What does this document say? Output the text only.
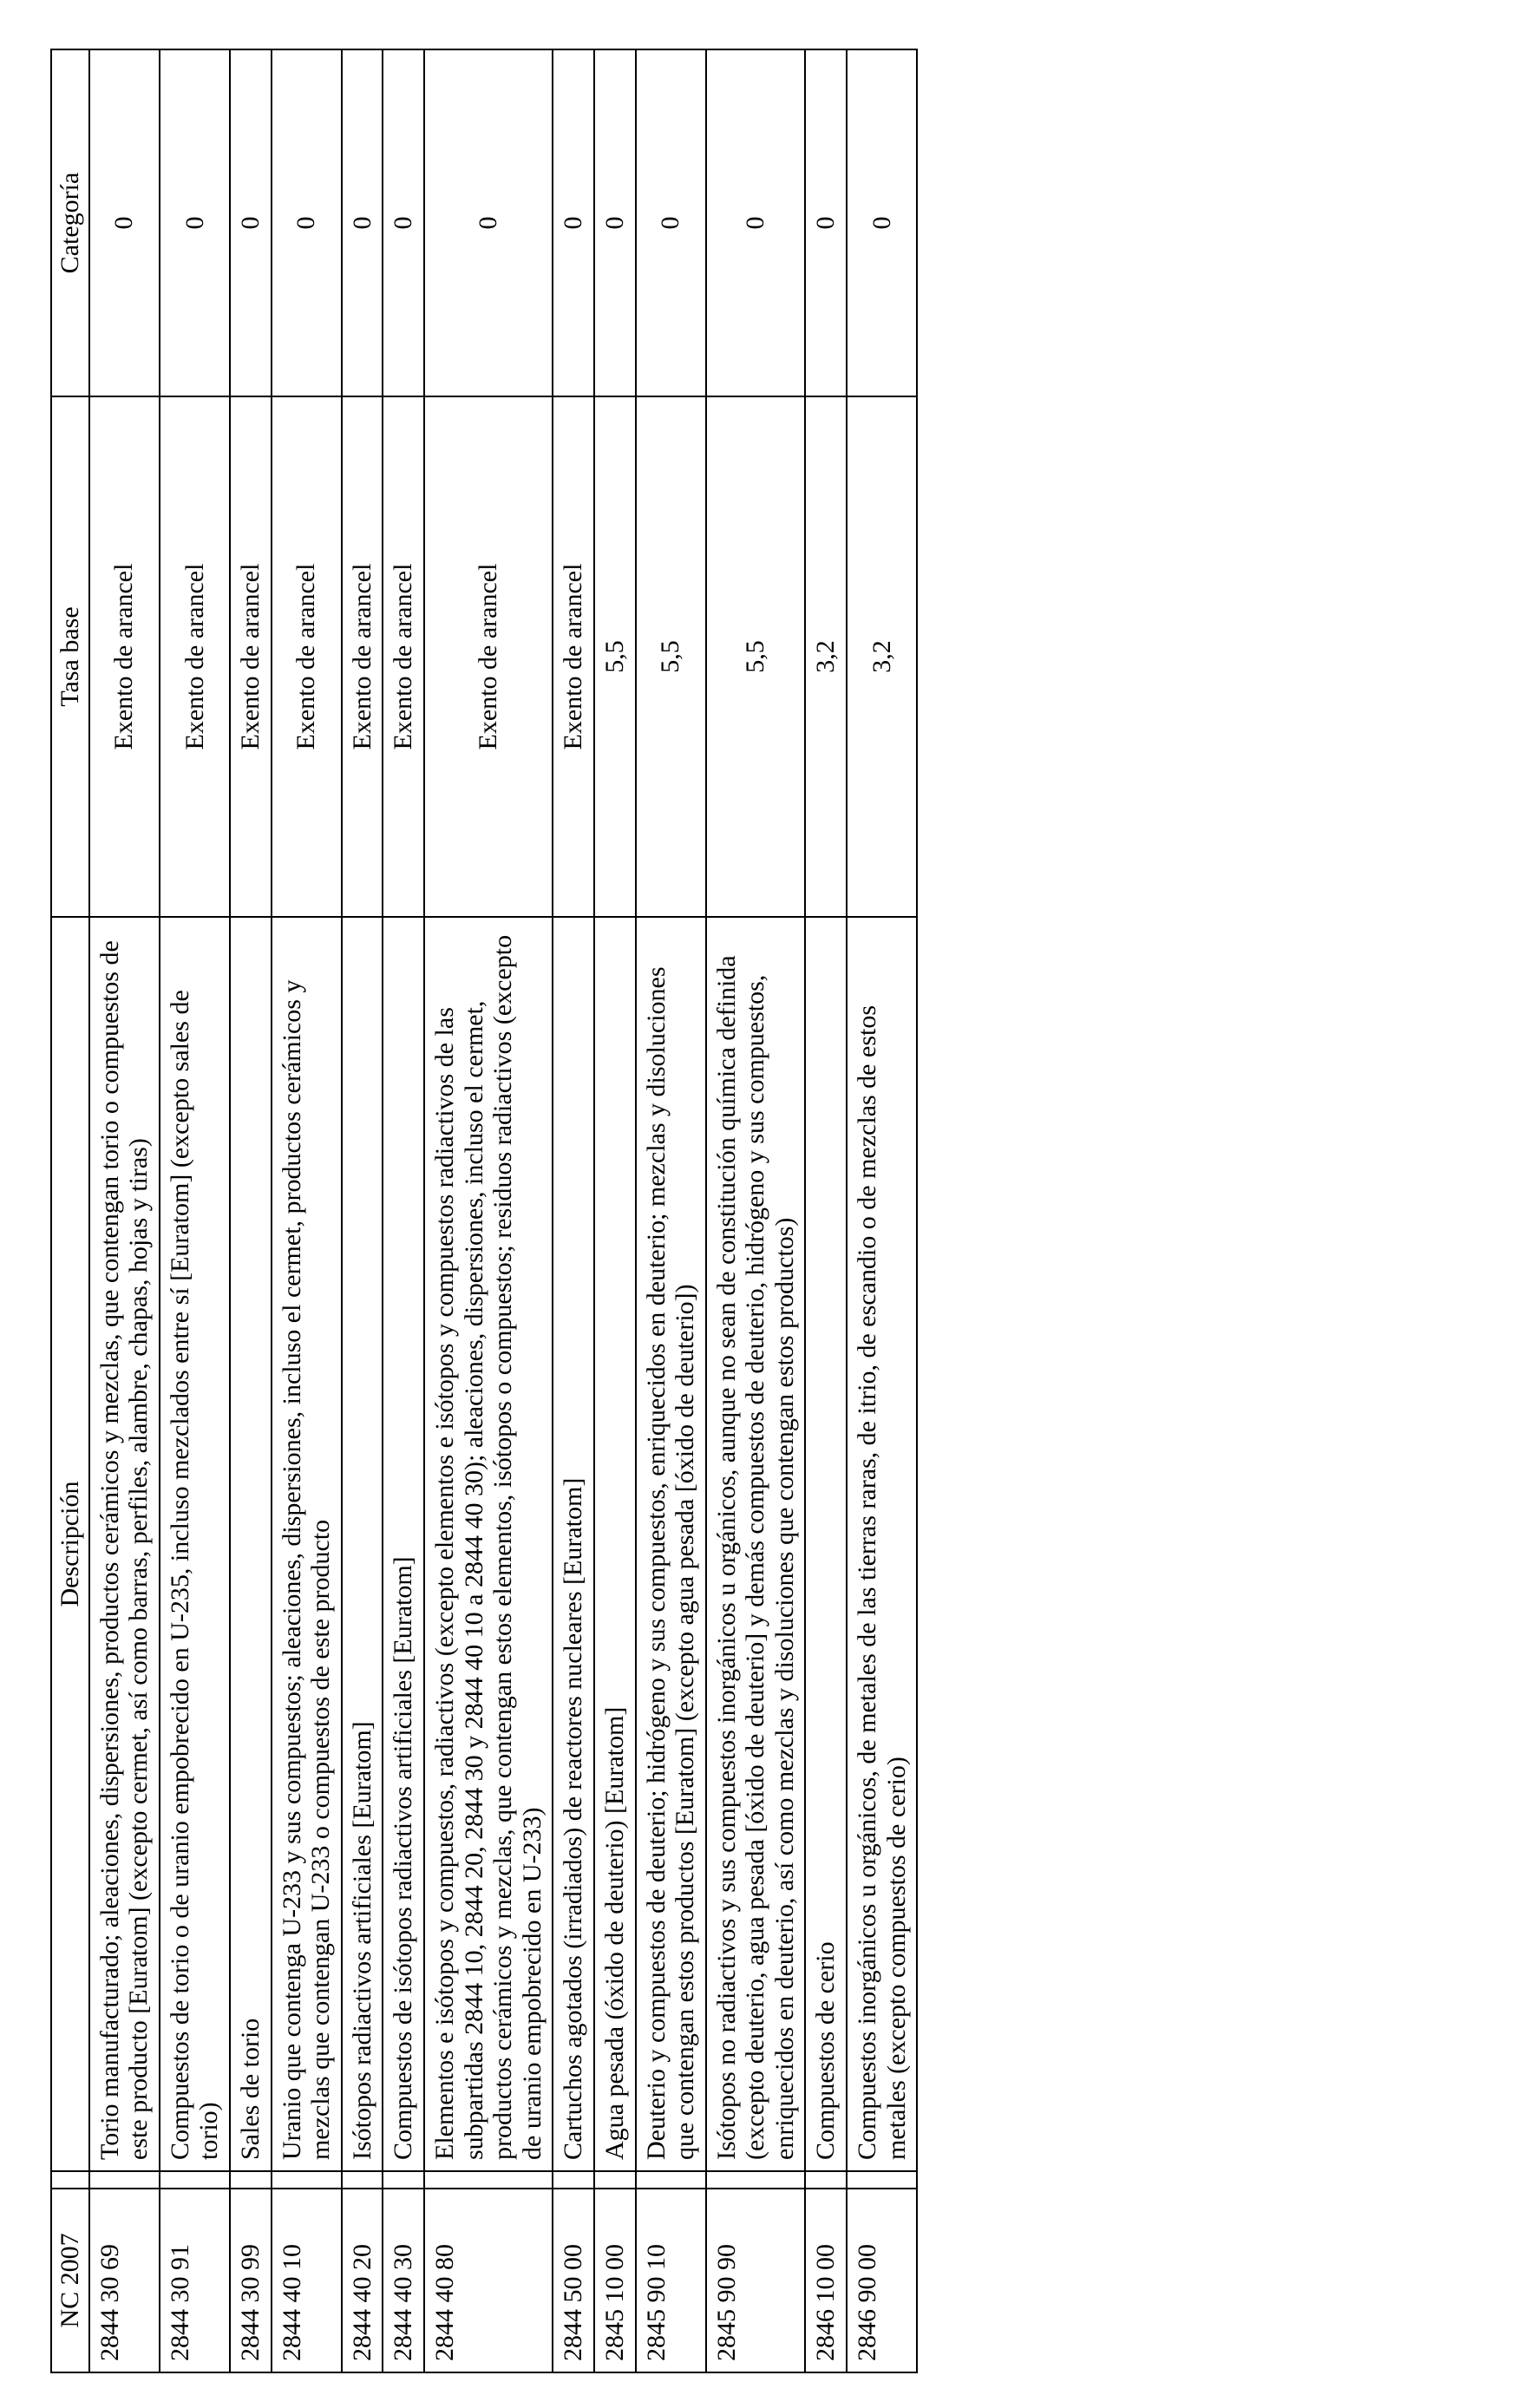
NC 2007		Descripción	Tasa base	Categoría
2844 30 69		Torio manufacturado; aleaciones, dispersiones, productos cerámicos y mezclas, que contengan torio o compuestos de este producto [Euratom] (excepto cermet, así como barras, perfiles, alambre, chapas, hojas y tiras)	Exento de arancel	0
2844 30 91		Compuestos de torio o de uranio empobrecido en U-235, incluso mezclados entre sí [Euratom] (excepto sales de torio)	Exento de arancel	0
2844 30 99		Sales de torio	Exento de arancel	0
2844 40 10		Uranio que contenga U-233 y sus compuestos; aleaciones, dispersiones, incluso el cermet, productos cerámicos y mezclas que contengan U-233 o compuestos de este producto	Exento de arancel	0
2844 40 20		Isótopos radiactivos artificiales [Euratom]	Exento de arancel	0
2844 40 30		Compuestos de isótopos radiactivos artificiales [Euratom]	Exento de arancel	0
2844 40 80		Elementos e isótopos y compuestos, radiactivos (excepto elementos e isótopos y compuestos radiactivos de las subpartidas 2844 10, 2844 20, 2844 30 y 2844 40 10 a 2844 40 30); aleaciones, dispersiones, incluso el cermet, productos cerámicos y mezclas, que contengan estos elementos, isótopos o compuestos; residuos radiactivos (excepto de uranio empobrecido en U-233)	Exento de arancel	0
2844 50 00		Cartuchos agotados (irradiados) de reactores nucleares [Euratom]	Exento de arancel	0
2845 10 00		Agua pesada (óxido de deuterio) [Euratom]	5,5	0
2845 90 10		Deuterio y compuestos de deuterio; hidrógeno y sus compuestos, enriquecidos en deuterio; mezclas y disoluciones que contengan estos productos [Euratom] (excepto agua pesada [óxido de deuterio])	5,5	0
2845 90 90		Isótopos no radiactivos y sus compuestos inorgánicos u orgánicos, aunque no sean de constitución química definida (excepto deuterio, agua pesada [óxido de deuterio] y demás compuestos de deuterio, hidrógeno y sus compuestos, enriquecidos en deuterio, así como mezclas y disoluciones que contengan estos productos)	5,5	0
2846 10 00		Compuestos de cerio	3,2	0
2846 90 00		Compuestos inorgánicos u orgánicos, de metales de las tierras raras, de itrio, de escandio o de mezclas de estos metales (excepto compuestos de cerio)	3,2	0
